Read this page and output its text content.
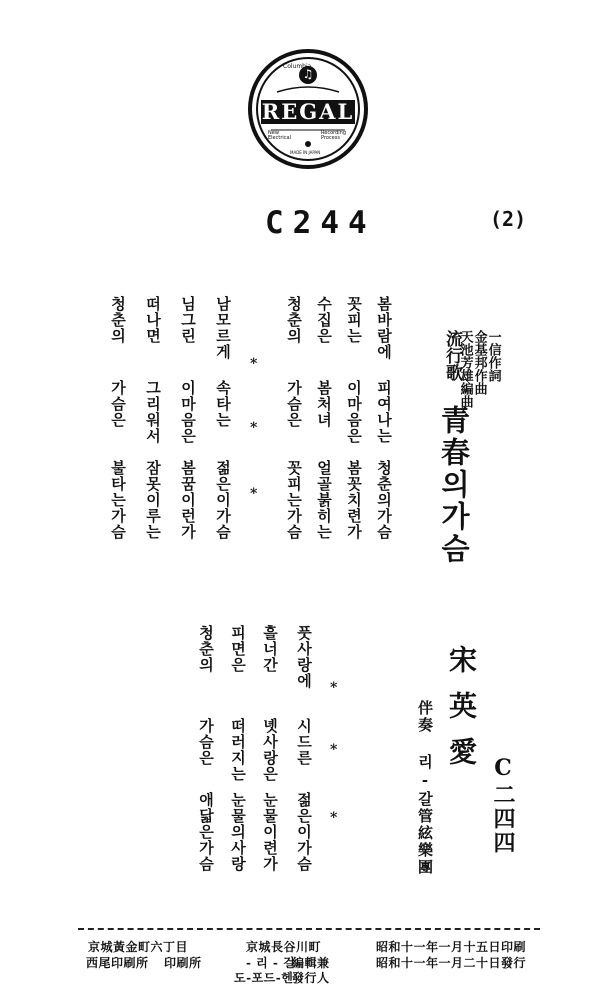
♫
REGAL
Columbia
New Electrical
Recording Process
MADE IN JAPAN
C244	(2)
流行歌
青春의가슴
一信作詞
金基邦作曲
天池芳雄編曲
宋英愛
伴奏 리-갈管絃樂團	C二四四
봄바람에
피여나는
청춘의가슴
꼿피는
이마음은
봄꼿치련가
수집은
봄처녀
얼골붉히는
청춘의
가슴은
꼿피는가슴
*
*
*
남모르게
속타는
젊은이가슴
님그린
이마음은
봄꿈이런가
떠나면
그리워서
잠못이루는
청춘의
가슴은
불타는가슴
*
*
*
풋사랑에
시드른
젊은이가슴
흘너간
녯사랑은
눈물이련가
피면은
떠러지는
눈물의사랑
청춘의
가슴은
애닯은가슴
昭和十一年一月十五日印刷
昭和十一年一月二十日發行
京城長谷川町
編輯兼
發行人
- 리 - 걸
도-포드-헨
京城黃金町六丁目
印刷所
西尾印刷所
